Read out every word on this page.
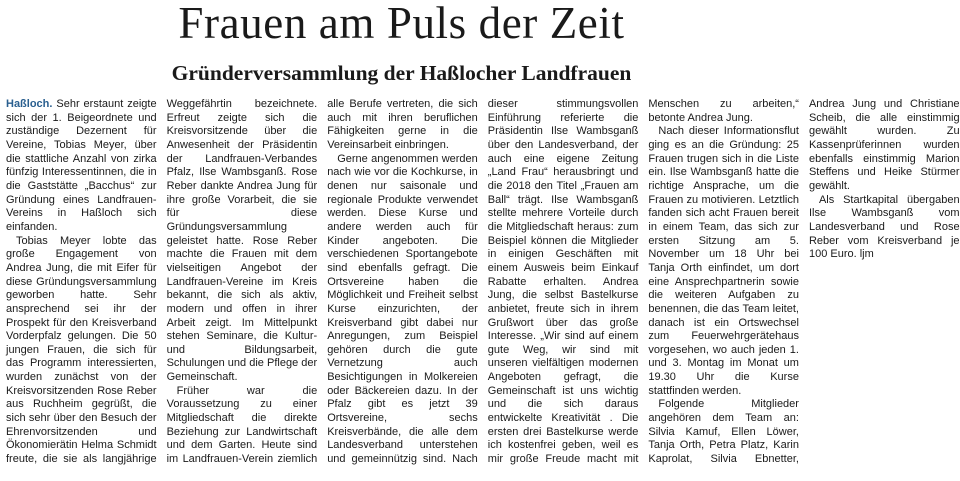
Frauen am Puls der Zeit
Gründerversammlung der Haßlocher Landfrauen

Haßloch. Sehr erstaunt zeigte sich der 1. Beigeordnete und zuständige Dezernent für Vereine, Tobias Meyer, über die stattliche Anzahl von zirka fünfzig Interessentinnen, die in die Gaststätte „Bacchus“ zur Gründung eines Landfrauen-Vereins in Haßloch sich einfanden.

Tobias Meyer lobte das große Engagement von Andrea Jung, die mit Eifer für diese Gründungsversammlung geworben hatte. Sehr ansprechend sei ihr der Prospekt für den Kreisverband Vorderpfalz gelungen. Die 50 jungen Frauen, die sich für das Programm interessierten, wurden zunächst von der Kreisvorsitzenden Rose Reber aus Ruchheim gegrüßt, die sich sehr über den Besuch der Ehrenvorsitzenden und Ökonomierätin Helma Schmidt freute, die sie als langjährige Weggefährtin bezeichnete. Erfreut zeigte sich die Kreisvorsitzende über die Anwesenheit der Präsidentin der Landfrauen-Verbandes Pfalz, Ilse Wambsganß. Rose Reber dankte Andrea Jung für ihre große Vorarbeit, die sie für diese Gründungsversammlung geleistet hatte. Rose Reber machte die Frauen mit dem vielseitigen Angebot der Landfrauen-Vereine im Kreis bekannt, die sich als aktiv, modern und offen in ihrer Arbeit zeigt. Im Mittelpunkt stehen Seminare, die Kultur- und Bildungsarbeit, Schulungen und die Pflege der Gemeinschaft.

Früher war die Voraussetzung zu einer Mitgliedschaft die direkte Beziehung zur Landwirtschaft und dem Garten. Heute sind im Landfrauen-Verein ziemlich alle Berufe vertreten, die sich auch mit ihren beruflichen Fähigkeiten gerne in die Vereinsarbeit einbringen.

Gerne angenommen werden nach wie vor die Kochkurse, in denen nur saisonale und regionale Produkte verwendet werden. Diese Kurse und andere werden auch für Kinder angeboten. Die verschiedenen Sportangebote sind ebenfalls gefragt. Die Ortsvereine haben die Möglichkeit und Freiheit selbst Kurse einzurichten, der Kreisverband gibt dabei nur Anregungen, zum Beispiel gehören durch die gute Vernetzung auch Besichtigungen in Molkereien oder Bäckereien dazu. In der Pfalz gibt es jetzt 39 Ortsvereine, sechs Kreisverbände, die alle dem Landesverband unterstehen und gemeinnützig sind. Nach dieser stimmungsvollen Einführung referierte die Präsidentin Ilse Wambsganß über den Landesverband, der auch eine eigene Zeitung „Land Frau“ herausbringt und die 2018 den Titel „Frauen am Ball“ trägt. Ilse Wambsganß stellte mehrere Vorteile durch die Mitgliedschaft heraus: zum Beispiel können die Mitglieder in einigen Geschäften mit einem Ausweis beim Einkauf Rabatte erhalten. Andrea Jung, die selbst Bastelkurse anbietet, freute sich in ihrem Grußwort über das große Interesse. „Wir sind auf einem gute Weg, wir sind mit unseren vielfältigen modernen Angeboten gefragt, die Gemeinschaft ist uns wichtig und die sich daraus entwickelte Kreativität . Die ersten drei Bastelkurse werde ich kostenfrei geben, weil es mir große Freude macht mit Menschen zu arbeiten,“ betonte Andrea Jung.

Nach dieser Informationsflut ging es an die Gründung: 25 Frauen trugen sich in die Liste ein. Ilse Wambsganß hatte die richtige Ansprache, um die Frauen zu motivieren. Letztlich fanden sich acht Frauen bereit in einem Team, das sich zur ersten Sitzung am 5. November um 18 Uhr bei Tanja Orth einfindet, um dort eine Ansprechpartnerin sowie die weiteren Aufgaben zu benennen, die das Team leitet, danach ist ein Ortswechsel zum Feuerwehrgerätehaus vorgesehen, wo auch jeden 1. und 3. Montag im Monat um 19.30 Uhr die Kurse stattfinden werden.

Folgende Mitglieder angehören dem Team an: Silvia Kamuf, Ellen Löwer, Tanja Orth, Petra Platz, Karin Kaprolat, Silvia Ebnetter, Andrea Jung und Christiane Scheib, die alle einstimmig gewählt wurden. Zu Kassenprüferinnen wurden ebenfalls einstimmig Marion Steffens und Heike Stürmer gewählt.

Als Startkapital übergaben Ilse Wambsganß vom Landesverband und Rose Reber vom Kreisverband je 100 Euro. ljm
